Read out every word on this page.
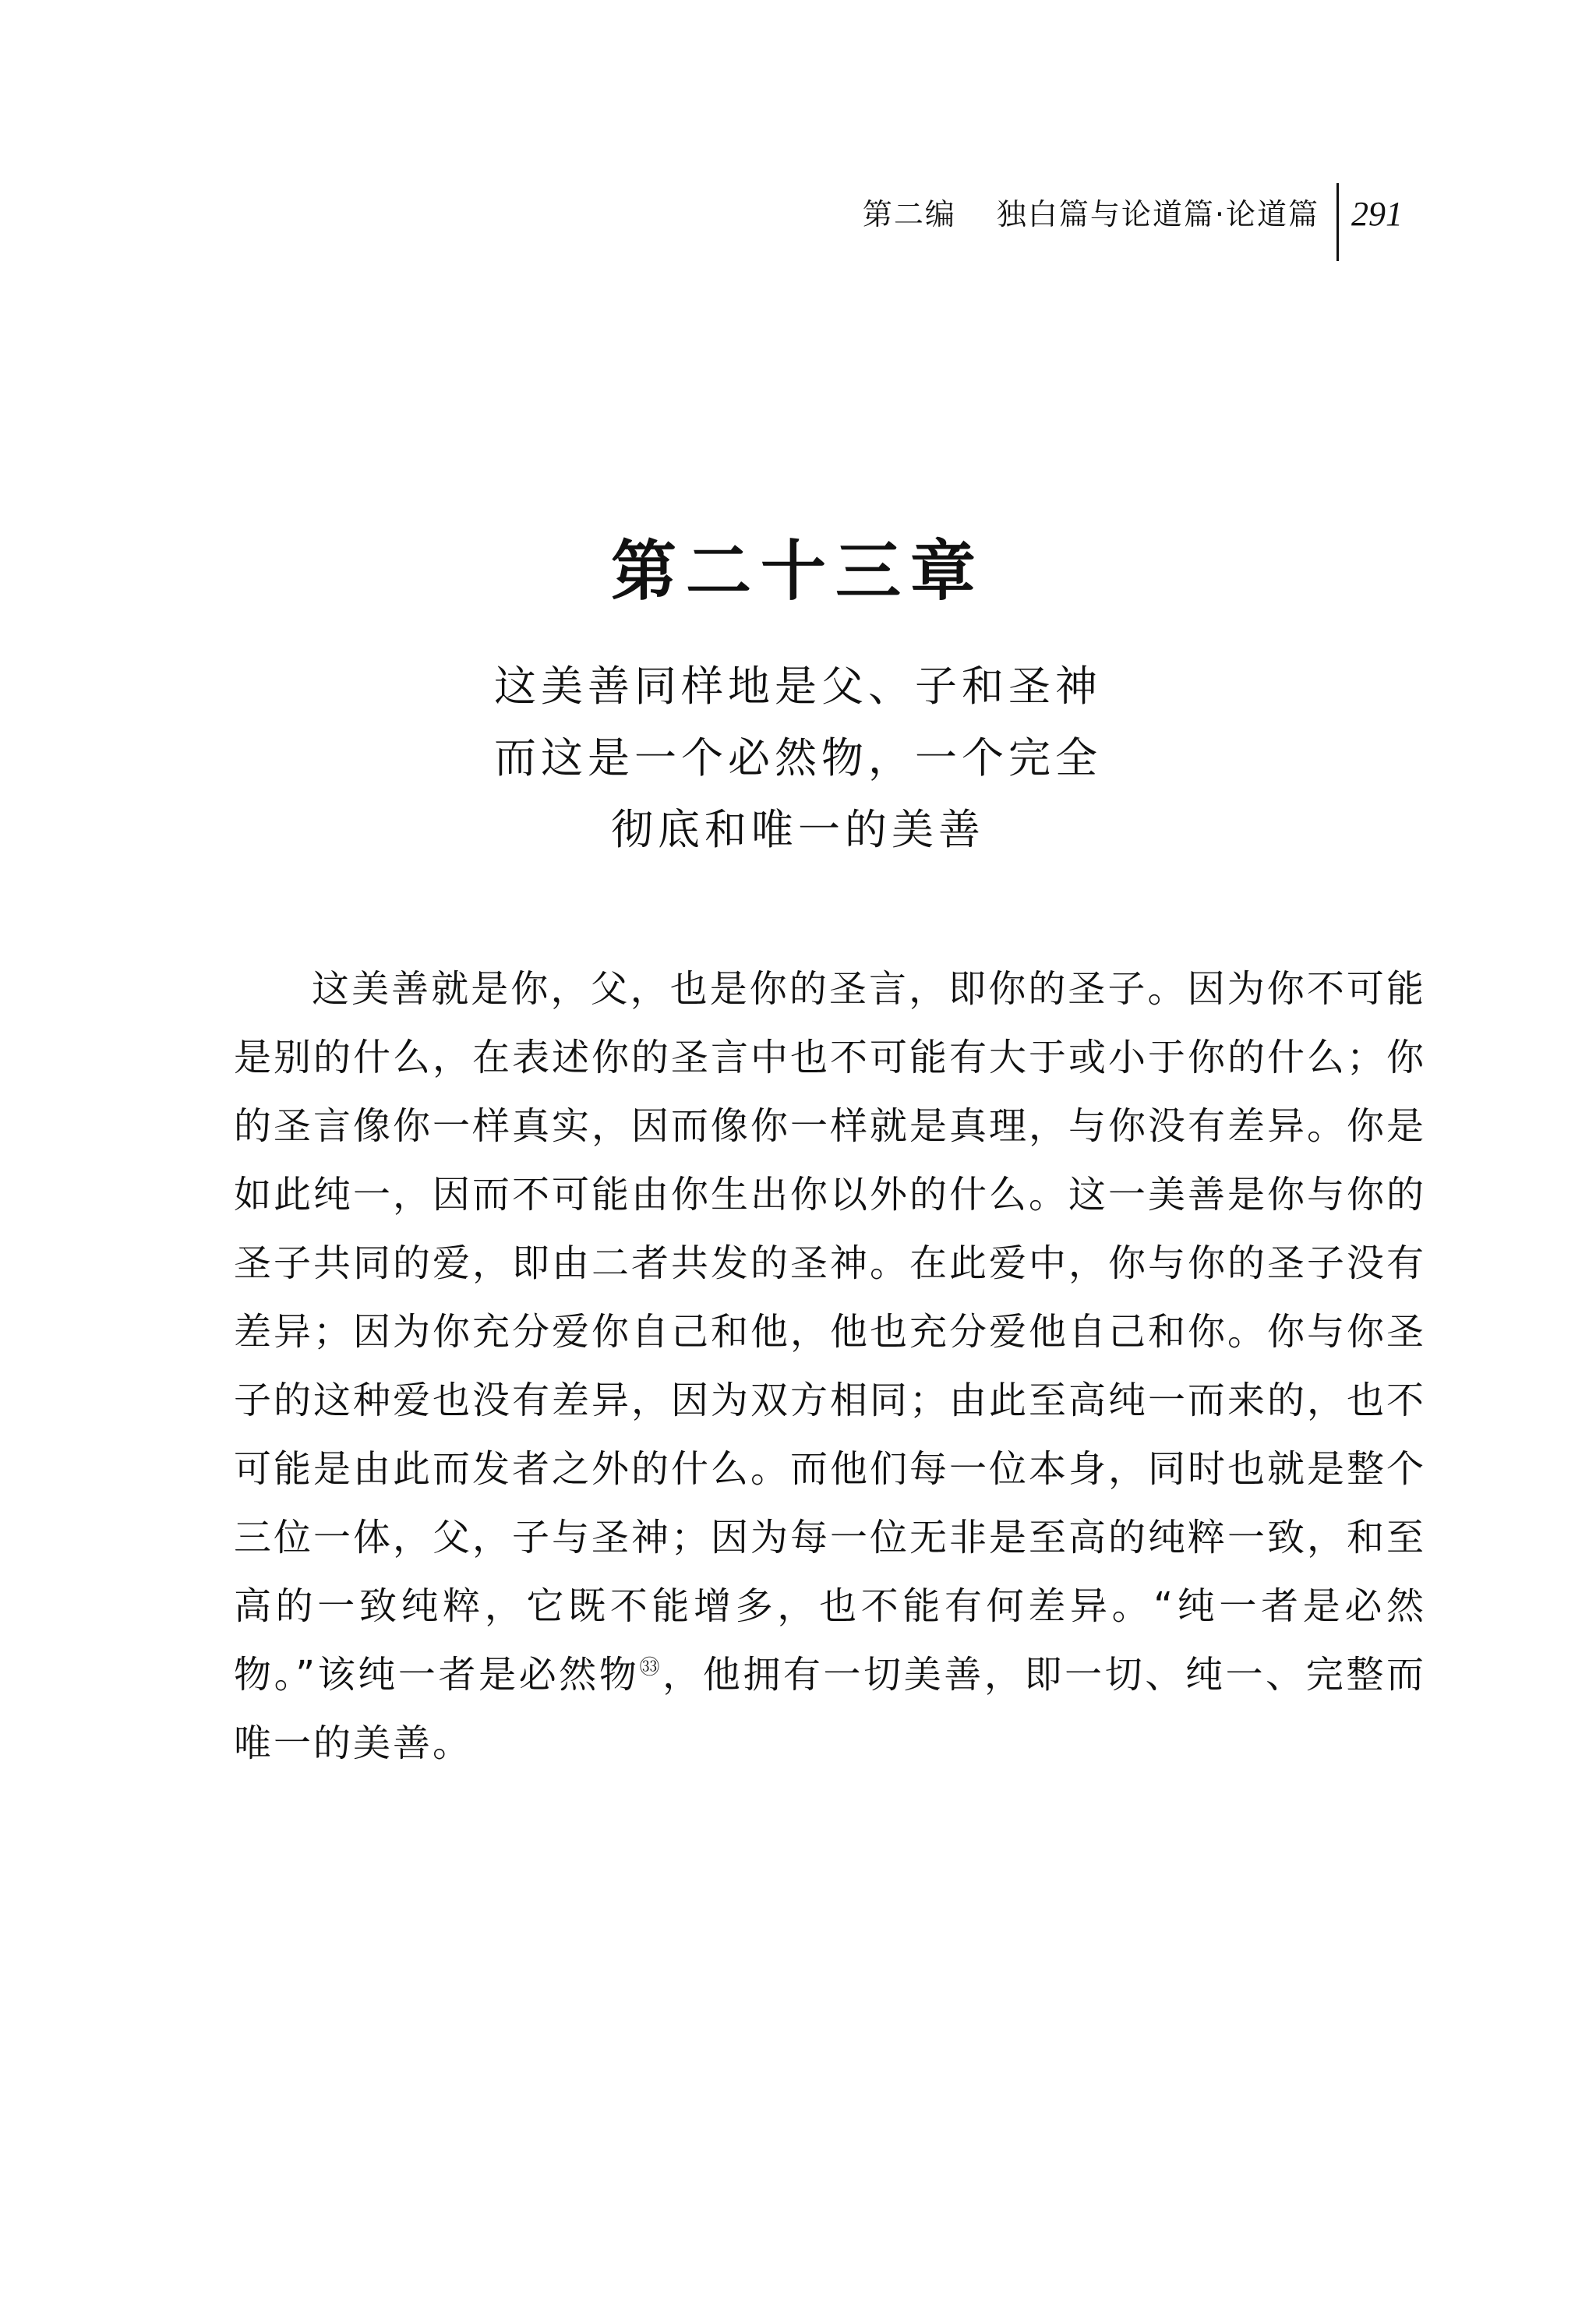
第二编 独白篇与论道篇·论道篇 291
第二十三章
这美善同样地是父、子和圣神
而这是一个必然物，一个完全
彻底和唯一的美善

这美善就是你，父，也是你的圣言，即你的圣子。因为你不可能是别的什么，在表述你的圣言中也不可能有大于或小于你的什么；你的圣言像你一样真实，因而像你一样就是真理，与你没有差异。你是如此纯一，因而不可能由你生出你以外的什么。这一美善是你与你的圣子共同的爱，即由二者共发的圣神。在此爱中，你与你的圣子没有差异；因为你充分爱你自己和他，他也充分爱他自己和你。你与你圣子的这种爱也没有差异，因为双方相同；由此至高纯一而来的，也不可能是由此而发者之外的什么。而他们每一位本身，同时也就是整个三位一体，父，子与圣神；因为每一位无非是至高的纯粹一致，和至高的一致纯粹，它既不能增多，也不能有何差异。“纯一者是必然物。”该纯一者是必然物$^㉝$，他拥有一切美善，即一切、纯一、完整而唯一的美善。
